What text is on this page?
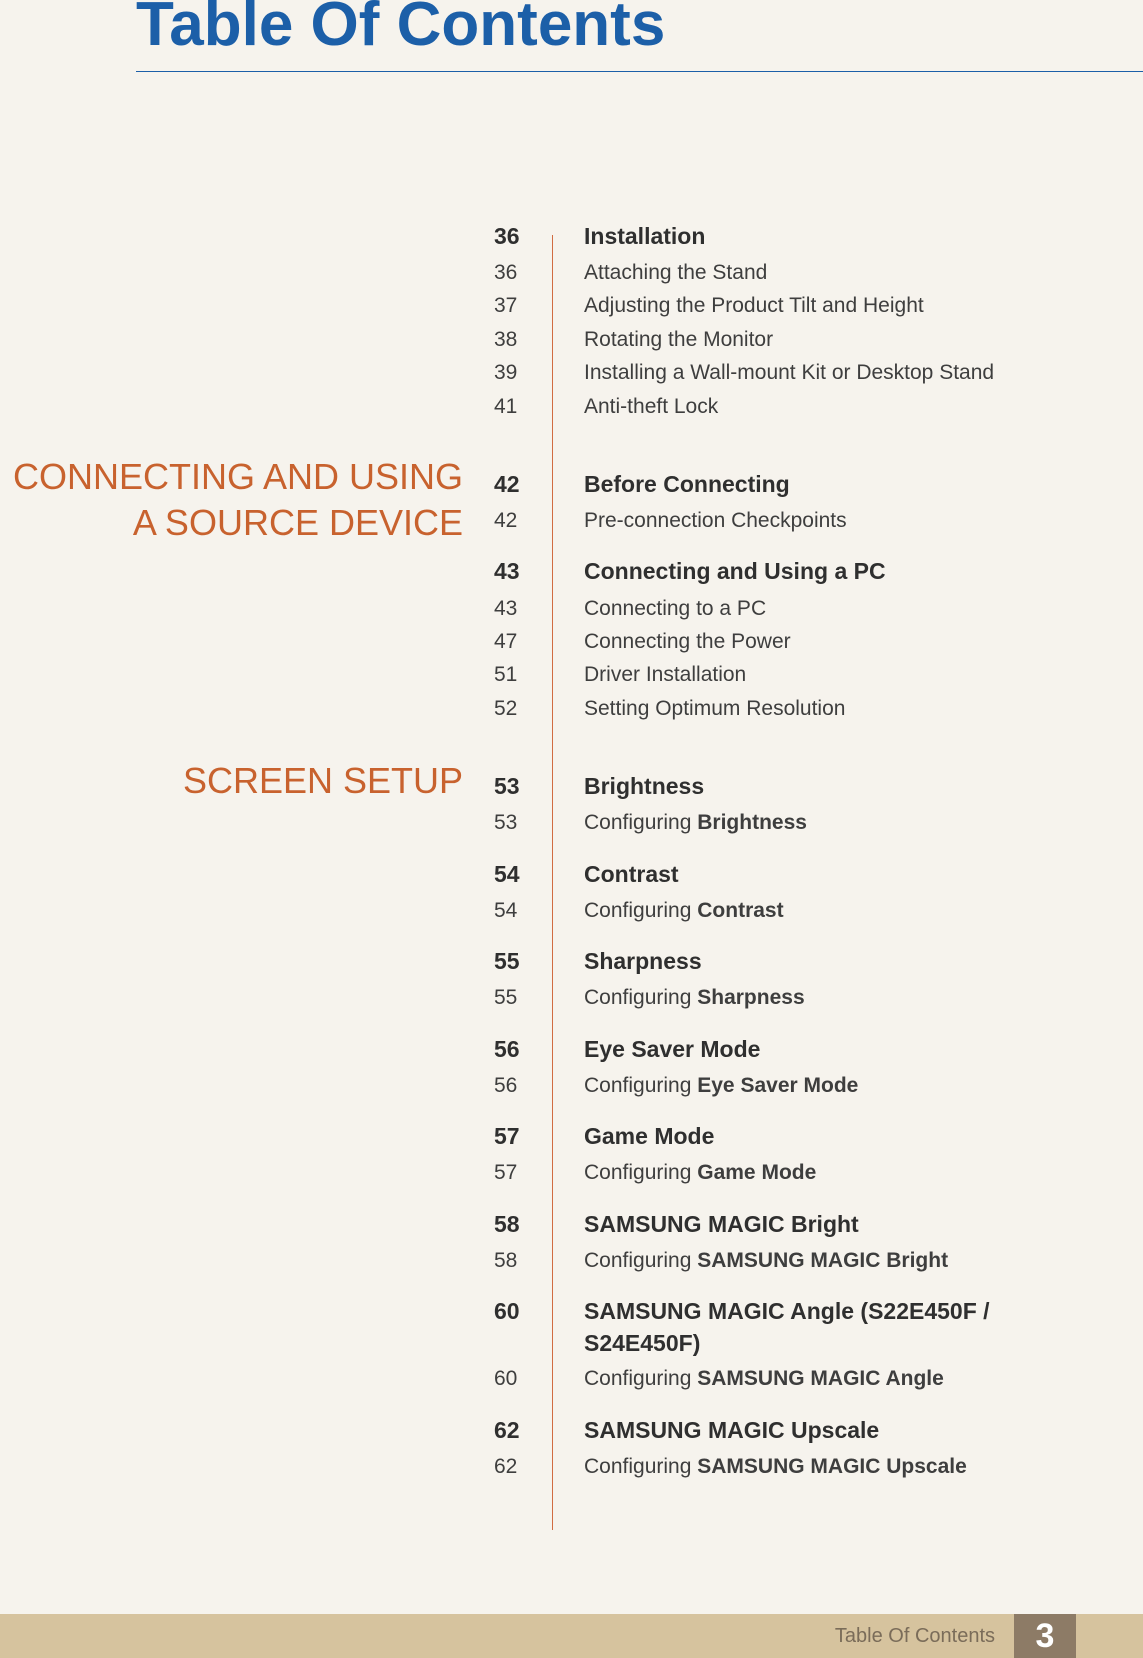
Table Of Contents
CONNECTING AND USING
A SOURCE DEVICE
SCREEN SETUP
36	Installation
36	Attaching the Stand
37	Adjusting the Product Tilt and Height
38	Rotating the Monitor
39	Installing a Wall-mount Kit or Desktop Stand
41	Anti-theft Lock
42	Before Connecting
42	Pre-connection Checkpoints
43	Connecting and Using a PC
43	Connecting to a PC
47	Connecting the Power
51	Driver Installation
52	Setting Optimum Resolution
53	Brightness
53	Configuring Brightness
54	Contrast
54	Configuring Contrast
55	Sharpness
55	Configuring Sharpness
56	Eye Saver Mode
56	Configuring Eye Saver Mode
57	Game Mode
57	Configuring Game Mode
58	SAMSUNG MAGIC Bright
58	Configuring SAMSUNG MAGIC Bright
60	SAMSUNG MAGIC Angle (S22E450F / S24E450F)
60	Configuring SAMSUNG MAGIC Angle
62	SAMSUNG MAGIC Upscale
62	Configuring SAMSUNG MAGIC Upscale
Table Of Contents	3
